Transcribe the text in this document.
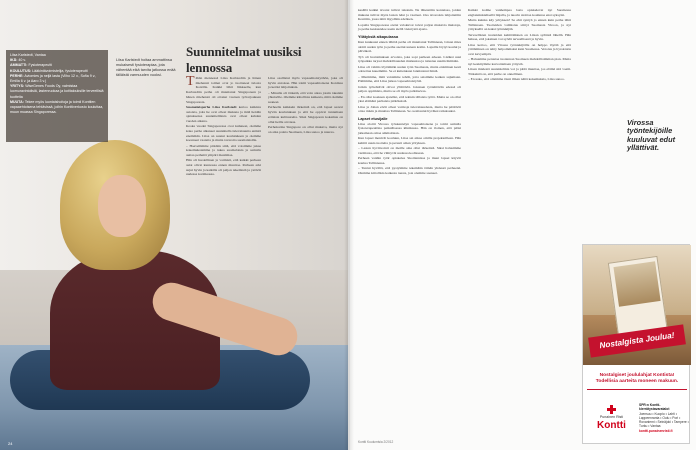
Liisa Karlstedt, Vantaa

IKÄ: 40 v.

AMMATTI: Fysioterapeutti

KOULUTUS: Lääkintävoimistelija, fysioterapeutti

PERHE: Aviomies ja neljä lasta (Vilho 12 v., Sofia 9 v., Emilia 6 v. ja Aaro 3 v.)

YRITYS: WiseGenes Foods Oy, valmistaa luomuravintolisiä, lastenruokaa ja kotitalouksille terveellisiä tuotteita

MUUTA: Tekee myös luontaishoitoja ja toimii Konttien vapaaehtoisena tehtävissä, joihin Konttiverkosto kouluttaa, muun muassa Singaporessa.

Liisa Karlstedt hoitaa ammattinsa mukaisesti fysioterapiaa, jota vähentää eikä tarvita jatkossa enää tälläistä varmuuden vuoksi.
Suunnitelmat uusiksi lennossa

Tähän mennessä Liisa Karlstedtin ja hänen miehensä toimet ovat jo tuottaneet tulosta Kontille. Kaikki lähti liikkeelle, kun Karlstedtin perhe oli muuttanut Singaporeen ja hänen miehensä oli ottanut vastaan työtarjouksen Singaporesta.

Suomalaisperhe Liisa Karlstedt kertoo kaikista asioista, joita he ovat olleet mukana ja mitä heidän ajatuksensa suunnitelmista ovat olleet kahden vuoden aikana.

Koska vuodet Singaporessa ovat kuluneet, olemme koko perhe alkaneet suunnitella tulevaisuutta entistä enemmän. Liisa on saanut koulutuksen ja olemme koonneet vaatetta ja muita tavaroita suomalaisille.

– Haaveilimme pitkään siitä, että voisimme jakaa kokemuksiamme ja tukea suomalaisia ja samalla auttaa perheitä ympäri maailmaa.

Hän oli huolellinen ja varmisti, että kaikki perheen asiat olivat kunnossa ennen muuttoa. Perheen arki sujui hyvin ja kaikilla oli paljon tekemistä ja ystäviä uudessa kotimaassa.

Liisa osallistui myös vapaaehtoistyöhön, joka oli hyvin antoisaa. Hän toimi vapaaehtoisena Kontissa ja keräsi lahjoituksia.

– Minulle oli tärkeää, että voin antaa jotain takaisin yhteisölle. Olemme kiitollisia kaikesta, mitä olemme saaneet.

Perheelle kaikkein tärkeintä on, että lapset saavat hyvän koulutuksen ja että he oppivat tuntemaan erilaisia kulttuureita. Siksi Singaporen kokemus on ollut heille arvokas.

Perhekotina Singapore on ollut mukava, mutta nyt on aika palata Suomeen, Liisa sanoo ja nauraa.

24

kesällä kaikki tavarat tulivat takaisin. Ne lähetettiin konteissa, joiden mukana tulivat myös lasten lelut ja vaatteet. Osa tavaroista lahjoitettiin Konttiin, jossa niitä myydään edelleen.

Lopulta Singaporessa otetut valokuvat toivat paljon mukavia muistoja, ja perhe keskustelee usein siellä vietetystä ajasta.

Yllätyksiä aikapulassa

Kun kuukausi ennen lähtöä perhe oli muuttanut Tallinnaan, Liisan mies aloitti uuden työn ja perhe asettui uuteen kotiin. Lapsille löytyi koulut ja päiväkoti.

Työ oli luottamuksen arvoista, joka sopi perheen arkeen. Lisäksi uusi työpaikka tarjosi mahdollisuuden matkustaa ja tutustua uusiin ihmisiin.

Liisa oli valmis löytämään uuden työn Suomesta, mutta etsiminen kesti odotettua kauemmin. Se ei kuitenkaan lannistanut häntä.

– Mietimme, mitä voisimme tehdä, jotta saisimme kaiken sujumaan. Päätimme, että Liisa jatkaa vapaaehtoistyötä.

Jotkin työtehtävät olivat yllättäviä. Jokaisen työtehtävän edessä oli paljon oppimista, mutta se oli myös palkitsevaa.

– En ollut koskaan ajatellut, että tekisin tällaista työtä. Mutta se on ollut yksi elämäni parhaista päätöksistä.

Liisa ja Johan eivät olleet varmoja tulevaisuudesta, mutta he päättivät ottaa riskin ja muuttaa Tallinnaan. Se osoittautui hyväksi ratkaisuksi.

Lapset etusijalle

Liisa aloitti Virossa työskentelyn vapaaehtoisena ja toimi samalla fysioterapeuttina paikallisessa klinikassa. Hän on iloinen, että pääsi jatkamaan omaa ammattiaan.

Kun lapset menivät kouluun, Liisa sai aikaa omille projekteilleen. Hän kehitti uusia tuotteita ja perusti oman yrityksen.

– Lasten hyvinvointi on meille aina ollut tärkeintä. Siksi halusimme varmistaa, että he viihtyvät uudessa kodissaan.

Perheen vanhin tytär opiskelee Skotlannissa ja muut lapset käyvät koulua Tallinnassa.

– Tuntui hyvältä, että pystyimme tekemään tämän yhdessä perheenä. Olemme kiitollisia kaikesta tuesta, jota olemme saaneet.

Kaikki kolme vanhempaa lasta opiskelevat nyt Suomessa englanninkielisellä linjalla, ja nuorin aloittaa koulunsa ensi syksynä.

Mutta kuinka käy yrityksen? Se ehti syntyä jo ennen kuin perhe lähti Tallinnaan. Tuotteiden valmistus siirtyi Suomesta Viroon, ja nyt yrityksellä on kaksi työntekijää.

Terveellisten tuotteiden kehittäminen on Liisan sydäntä lähellä. Hän haluaa, että jokainen voi syödä terveellisesti ja hyvin.

Liisa kertoo, että Virossa työntekijöille on helppo löytää ja että yrittäminen on tehty helpommaksi kuin Suomessa. Verotus ja byrokratia ovat kevyempiä.

– Haluamme perustaa tuotannon Suomeen mahdollisimman pian. Mutta nyt keskitymme kasvattamaan yritystä.

Liisan mielestä suunnitelmia voi ja pitää muuttaa, jos elämä sitä vaatii. Tärkeintä on, että perhe on onnellinen.

– En usko, että olisimme tässä ilman näitä kokemuksia, Liisa sanoo.

Virossa työntekijöille kuuluvat edut yllättivät.
Nostalgista Joulua!
Nostalgiset joululahjat Kontista!
Todellisia aarteita moneen makuun.
Punainen Risti
Kontti
SPR:n Kontti-kierrätystavaratalot
Joensuu • Kuopio • Lahti • Lappeenranta • Oulu • Pori • Rovaniemi • Seinäjoki • Tampere • Turku • Vantaa
kontti.punainenristi.fi
Kontti Kuulumisia 2/2012
